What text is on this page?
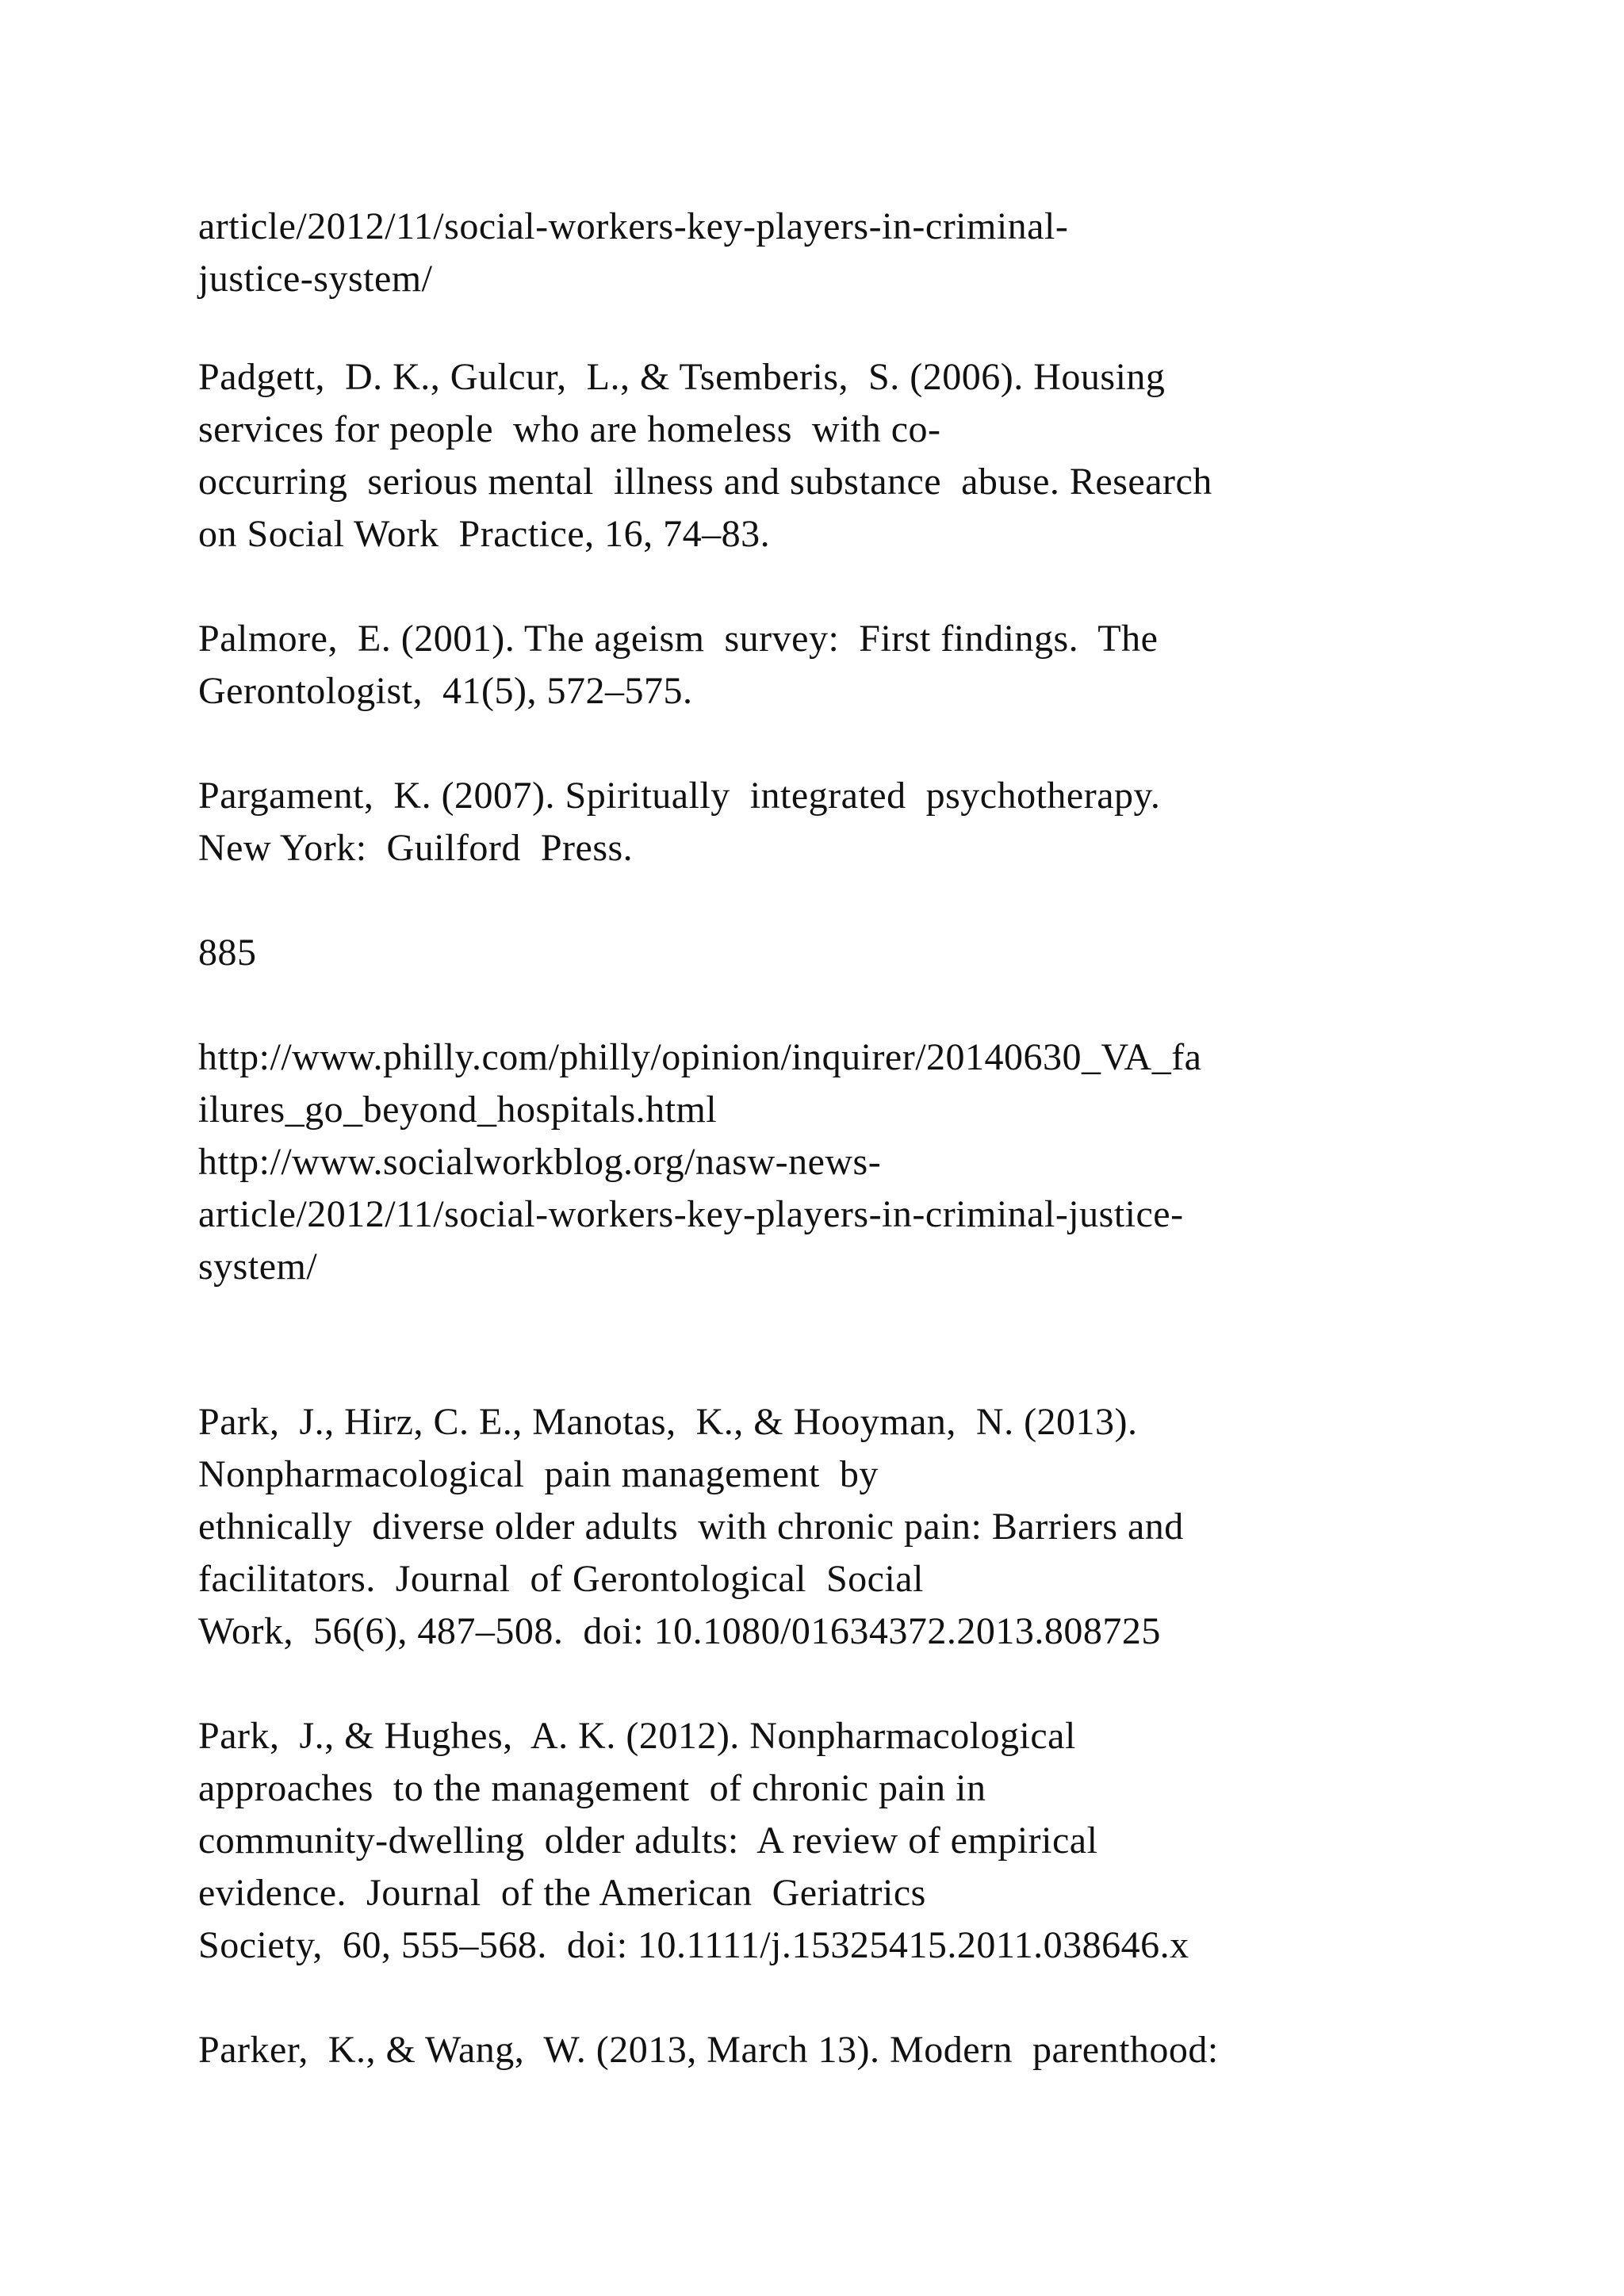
article/2012/11/social-workers-key-players-in-criminal-
justice-system/
Padgett,  D. K., Gulcur,  L., & Tsemberis,  S. (2006). Housing
services for people  who are homeless  with co-
occurring  serious mental  illness and substance  abuse. Research
on Social Work  Practice, 16, 74–83.
Palmore,  E. (2001). The ageism  survey:  First findings.  The
Gerontologist,  41(5), 572–575.
Pargament,  K. (2007). Spiritually  integrated  psychotherapy.
New York:  Guilford  Press.
885
http://www.philly.com/philly/opinion/inquirer/20140630_VA_fa
ilures_go_beyond_hospitals.html
http://www.socialworkblog.org/nasw-news-
article/2012/11/social-workers-key-players-in-criminal-justice-
system/
Park,  J., Hirz, C. E., Manotas,  K., & Hooyman,  N. (2013).
Nonpharmacological  pain management  by
ethnically  diverse older adults  with chronic pain: Barriers and
facilitators.  Journal  of Gerontological  Social
Work,  56(6), 487–508.  doi: 10.1080/01634372.2013.808725
Park,  J., & Hughes,  A. K. (2012). Nonpharmacological
approaches  to the management  of chronic pain in
community-dwelling  older adults:  A review of empirical
evidence.  Journal  of the American  Geriatrics
Society,  60, 555–568.  doi: 10.1111/j.15325415.2011.038646.x
Parker,  K., & Wang,  W. (2013, March 13). Modern  parenthood:
